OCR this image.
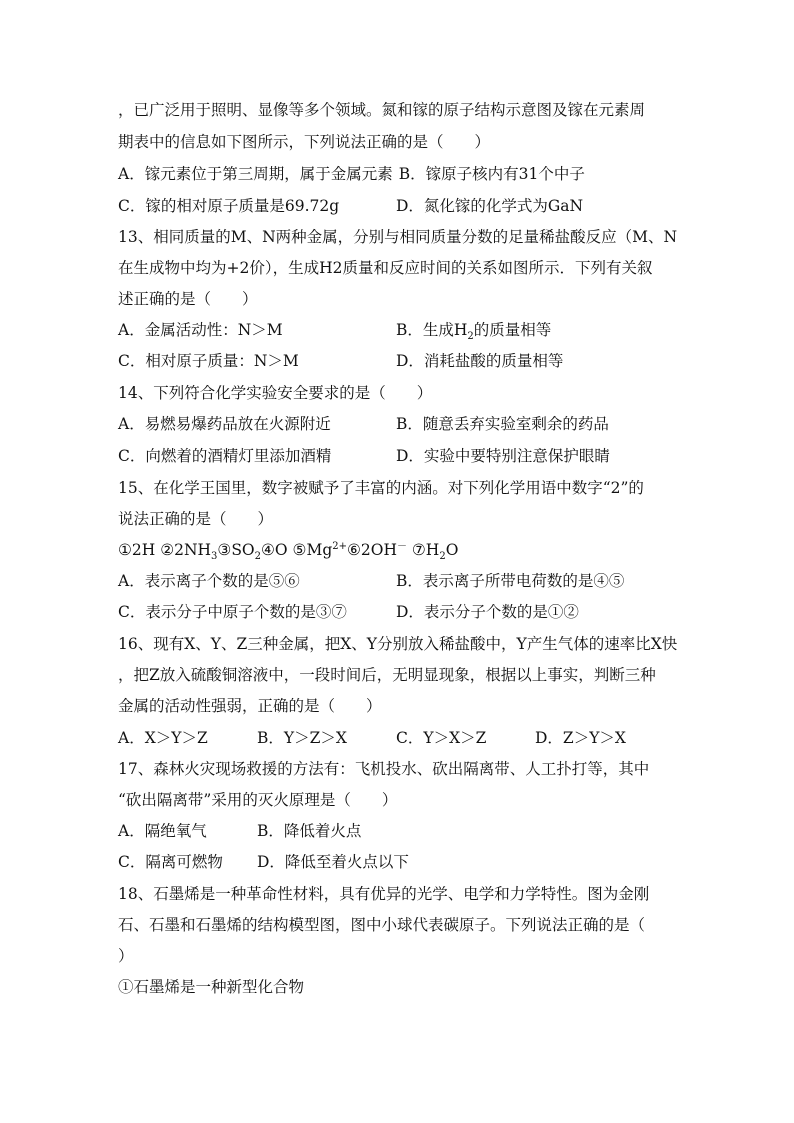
，已广泛用于照明、显像等多个领域。氮和镓的原子结构示意图及镓在元素周
期表中的信息如下图所示，下列说法正确的是（　　）
A．镓元素位于第三周期，属于金属元素 B．镓原子核内有31个中子
C．镓的相对原子质量是69.72g	D．氮化镓的化学式为GaN
13、相同质量的M、N两种金属，分别与相同质量分数的足量稀盐酸反应（M、N
在生成物中均为+2价），生成H2质量和反应时间的关系如图所示．下列有关叙
述正确的是（　　）
A．金属活动性：N＞M	B．生成$H_2$的质量相等
C．相对原子质量：N＞M	D．消耗盐酸的质量相等
14、下列符合化学实验安全要求的是（　　）
A．易燃易爆药品放在火源附近	B．随意丢弃实验室剩余的药品
C．向燃着的酒精灯里添加酒精	D．实验中要特别注意保护眼睛
15、在化学王国里，数字被赋予了丰富的内涵。对下列化学用语中数字“2”的
说法正确的是（　　）
①2H $②2NH_3③SO_2④O$ $⑤Mg^{2+}⑥2OH^-$ $⑦H_2O$
A．表示离子个数的是⑤⑥	B．表示离子所带电荷数的是④⑤
C．表示分子中原子个数的是③⑦	D．表示分子个数的是①②
16、现有X、Y、Z三种金属，把X、Y分别放入稀盐酸中，Y产生气体的速率比X快
，把Z放入硫酸铜溶液中，一段时间后，无明显现象，根据以上事实，判断三种
金属的活动性强弱，正确的是（　　）
A．X＞Y＞Z	B．Y＞Z＞X	C．Y＞X＞Z	D．Z＞Y＞X
17、森林火灾现场救援的方法有：飞机投水、砍出隔离带、人工扑打等，其中
“砍出隔离带”采用的灭火原理是（　　）
A．隔绝氧气	B．降低着火点
C．隔离可燃物 D．降低至着火点以下
18、石墨烯是一种革命性材料，具有优异的光学、电学和力学特性。图为金刚
石、石墨和石墨烯的结构模型图，图中小球代表碳原子。下列说法正确的是（
）
①石墨烯是一种新型化合物
